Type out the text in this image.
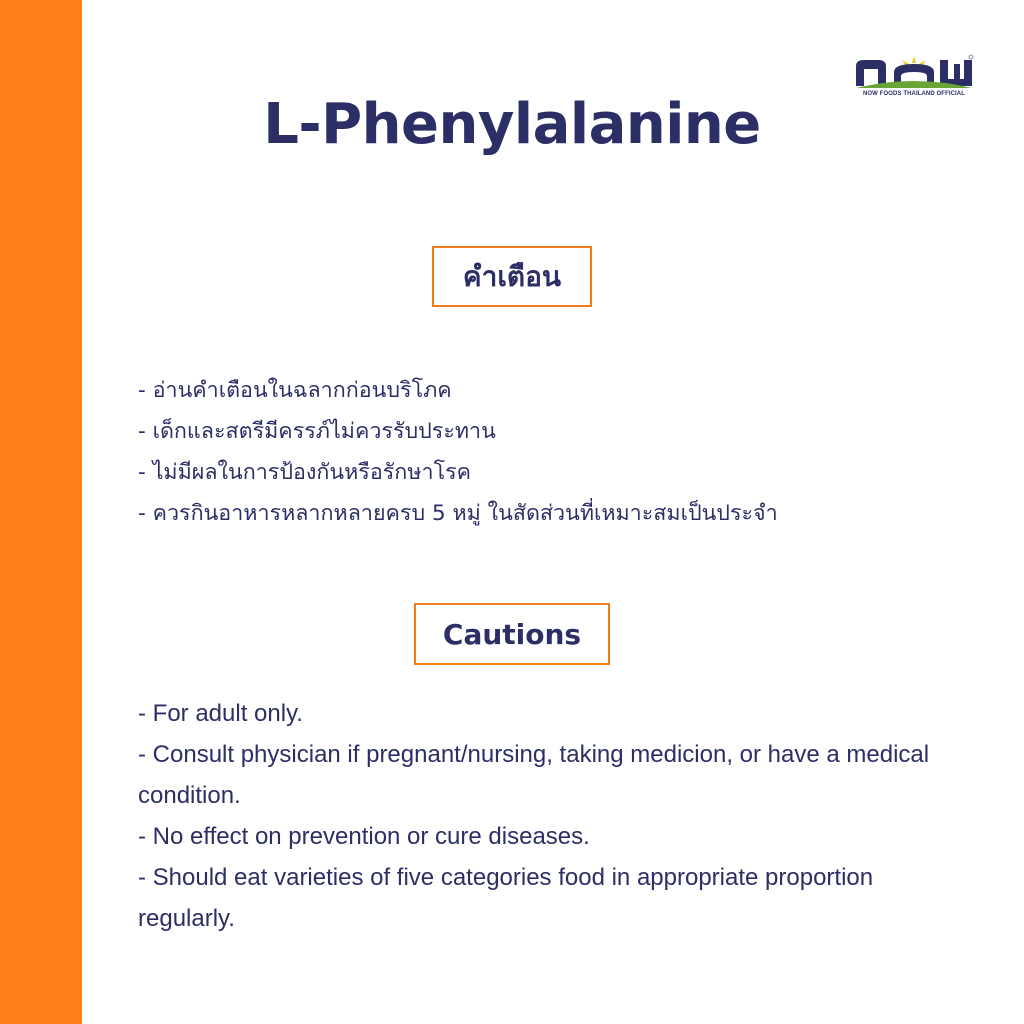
NOW FOODS THAILAND OFFICIAL
L-Phenylalanine
คำเตือน
- อ่านคำเตือนในฉลากก่อนบริโภค
- เด็กและสตรีมีครรภ์ไม่ควรรับประทาน
- ไม่มีผลในการป้องกันหรือรักษาโรค
- ควรกินอาหารหลากหลายครบ 5 หมู่ ในสัดส่วนที่เหมาะสมเป็นประจำ
Cautions
- For adult only.
- Consult physician if pregnant/nursing, taking medicion, or have a medical condition.
- No effect on prevention or cure diseases.
- Should eat varieties of five categories food in appropriate proportion regularly.
